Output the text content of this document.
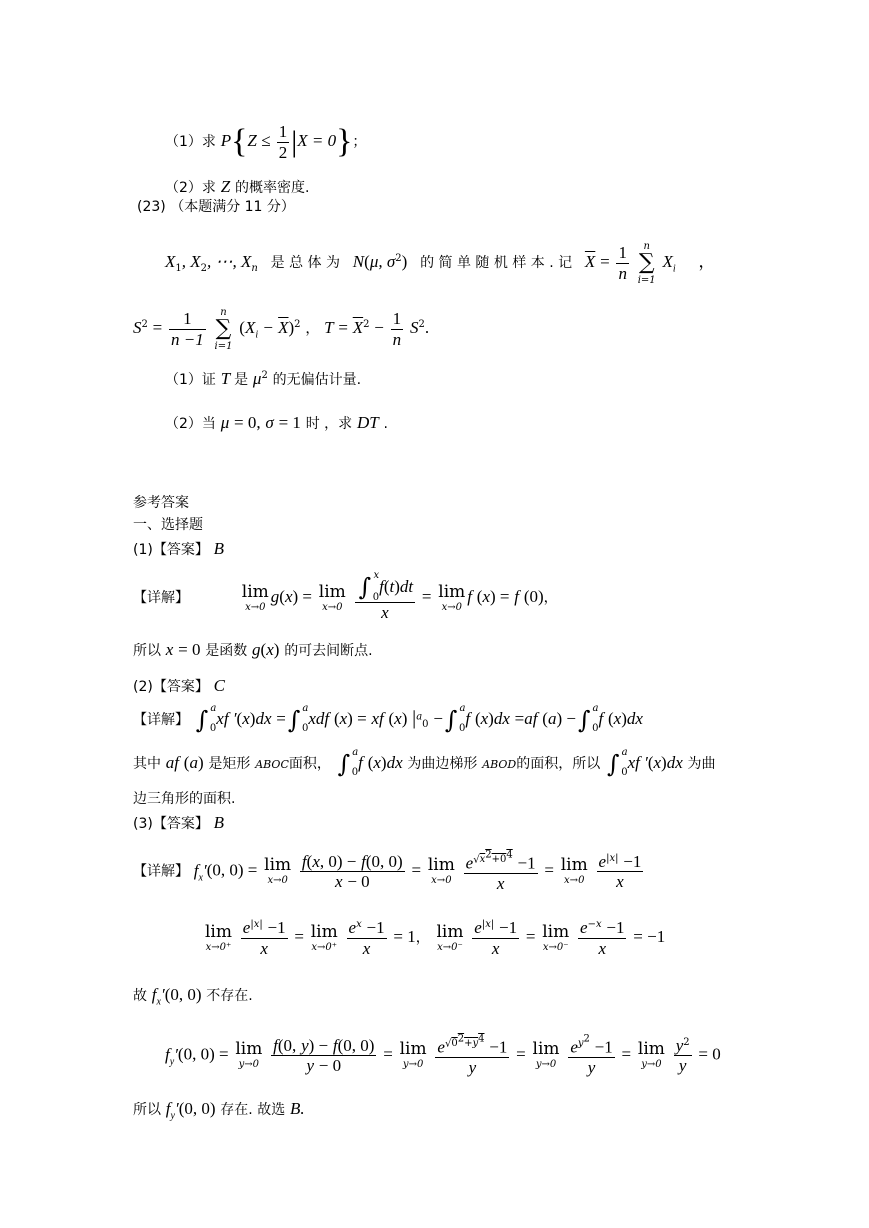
（1）求 $P\{Z \le \frac{1}{2} |X = 0\}$；
（2）求 Z 的概率密度.
(23) （本题满分 11 分）
$X_1$, $X_2$, ⋯, $X_n$ 是 总 体 为 N(μ, $\sigma^2$) 的 简 单 随 机 样 本 . 记 $\overline{X} = \frac{1}{n}$
	n
∑
i=1
$X_i$ ，
$S^2 = \frac{1}{n -1}$
	n
∑
i=1
$(X_i - \overline{X})^2$ ， $T = \overline{X}^2 - \frac{1}{n} S^2$.
（1）证 T 是 $\mu^2$ 的无偏估计量.
（2）当 μ = 0, σ = 1 时 ，求 DT .
参考答案
一、选择题
(1)【答案】 B
【详解】	lim
x→0
g(x) = lim
x→0
∫ x
0
f(t)dt
x = lim
x→0
f (x) = f (0)，
所以 x = 0 是函数 g(x) 的可去间断点.
(2)【答案】 C
【详解】 ∫ a
0
xf ′(x)dx =∫ a
0
xdf (x) = xf (x) $|^a_0$ −∫ a
0
f (x)dx =af (a) −∫ a
0
f (x)dx
其中 af (a) 是矩形 ABOC面积， ∫ a
0
f (x)dx 为曲边梯形 ABOD的面积，所以 ∫ a
0
xf ′(x)dx 为曲
边三角形的面积.
(3)【答案】 B
【详解】 $f_x'(0$, 0) = lim
x→0
$\frac{f(x, 0) - f(0, 0)}{x - 0} = \lim$
x→0
$\frac{e^{√x^2+0^4} -1}{x} = \lim$
x→0
$\frac{e^{|x|} -1}{x}$
lim
x→0⁺
$\frac{e^{|x|} -1}{x} = \lim$
x→0⁺
$\frac{e^x -1}{x} = 1$， lim
x→0⁻
$\frac{e^{|x|} -1}{x} = \lim$
x→0⁻
$\frac{e^{-x} -1}{x} = -1$
故 $f_x'(0$, 0) 不存在.
$f_y'(0$, 0) = lim
y→0
$\frac{f(0, y) - f(0, 0)}{y - 0} = \lim$
y→0
$\frac{e^{√0^2+y^4} -1}{y} = \lim$
y→0
$\frac{e^{y^2} -1}{y} = \lim$
y→0
$\frac{y^2}{y} = 0$
所以 $f_y'(0$, 0) 存在. 故选 B.
